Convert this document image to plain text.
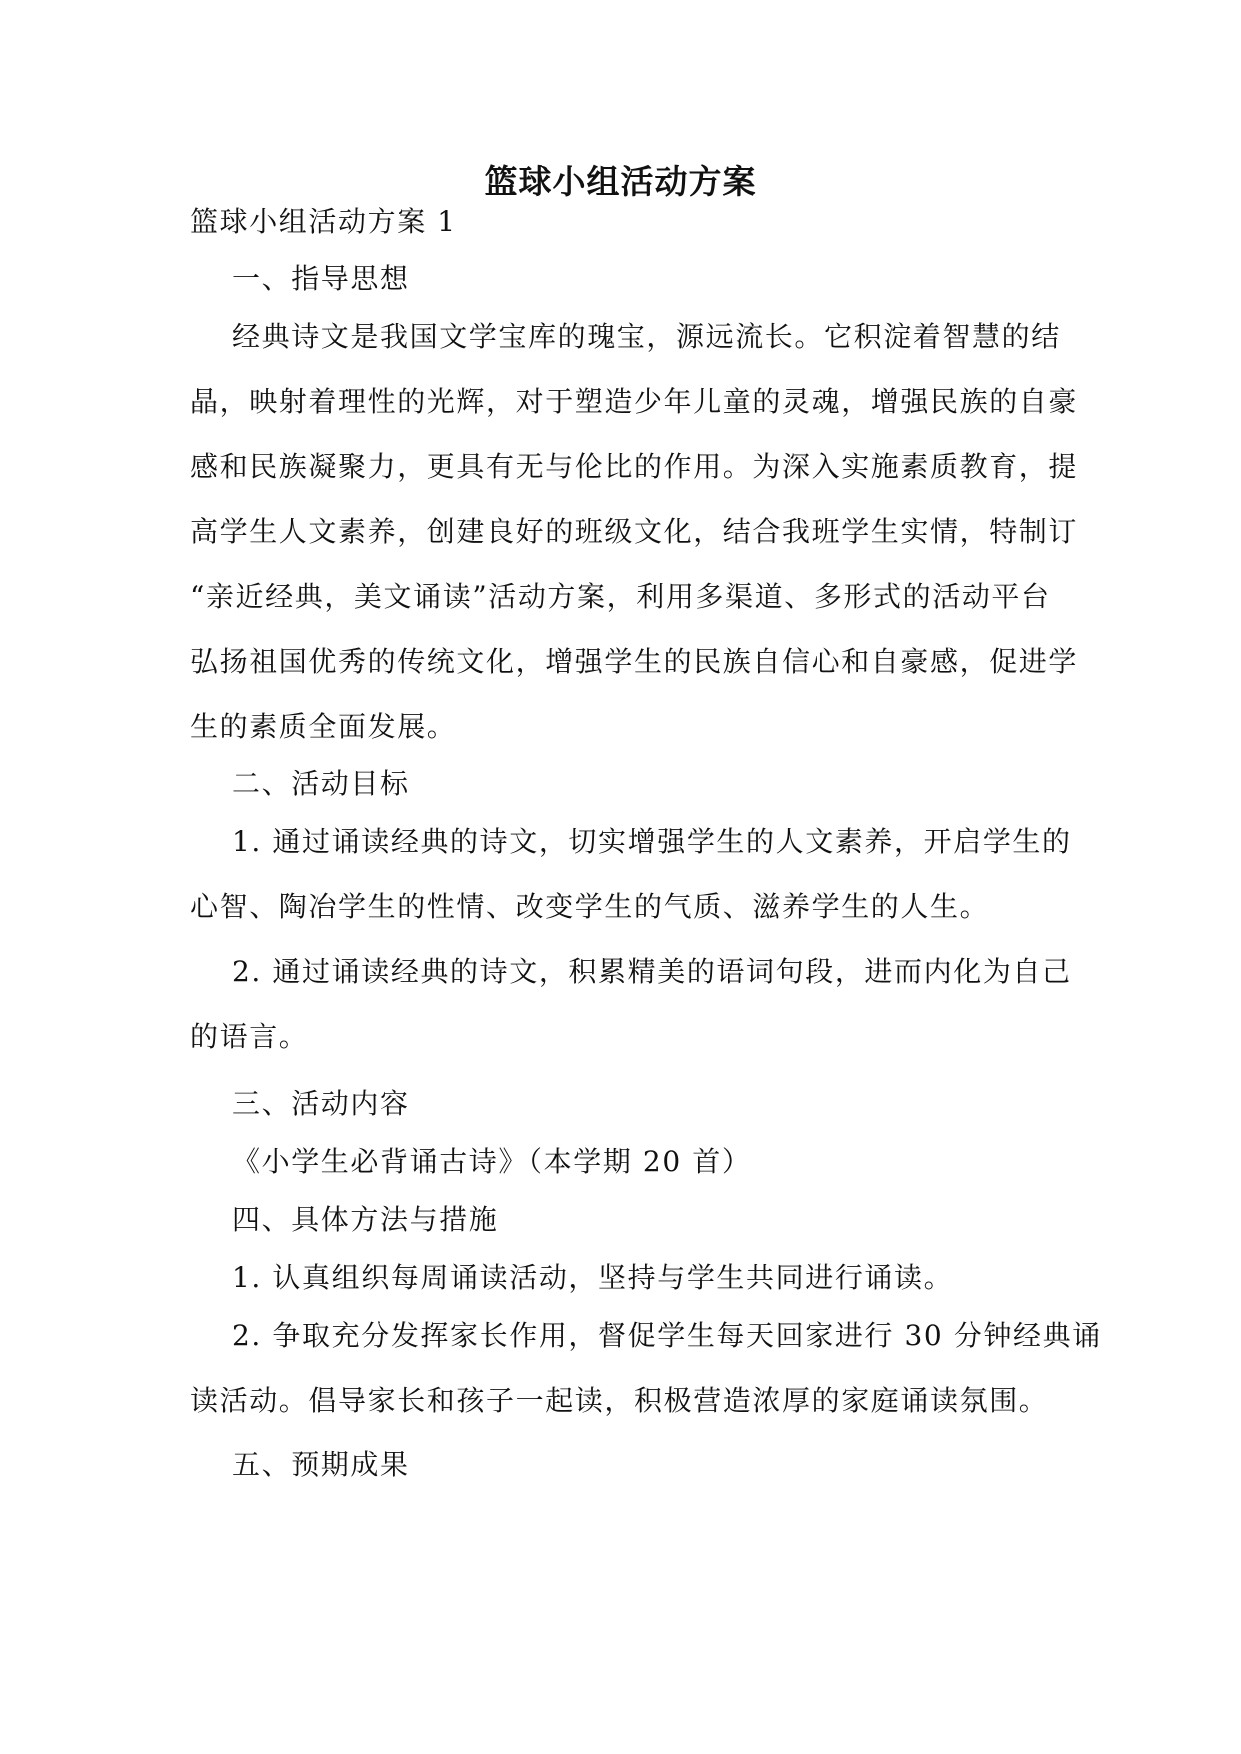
篮球小组活动方案
篮球小组活动方案 1
一、指导思想
经典诗文是我国文学宝库的瑰宝，源远流长。它积淀着智慧的结
晶，映射着理性的光辉，对于塑造少年儿童的灵魂，增强民族的自豪
感和民族凝聚力，更具有无与伦比的作用。为深入实施素质教育，提
高学生人文素养，创建良好的班级文化，结合我班学生实情，特制订
“亲近经典，美文诵读”活动方案，利用多渠道、多形式的活动平台
弘扬祖国优秀的传统文化，增强学生的民族自信心和自豪感，促进学
生的素质全面发展。
二、活动目标
1. 通过诵读经典的诗文，切实增强学生的人文素养，开启学生的
心智、陶冶学生的性情、改变学生的气质、滋养学生的人生。
2. 通过诵读经典的诗文，积累精美的语词句段，进而内化为自己
的语言。
三、活动内容
《小学生必背诵古诗》（本学期 20 首）
四、具体方法与措施
1. 认真组织每周诵读活动，坚持与学生共同进行诵读。
2. 争取充分发挥家长作用，督促学生每天回家进行 30 分钟经典诵
读活动。倡导家长和孩子一起读，积极营造浓厚的家庭诵读氛围。
五、预期成果
